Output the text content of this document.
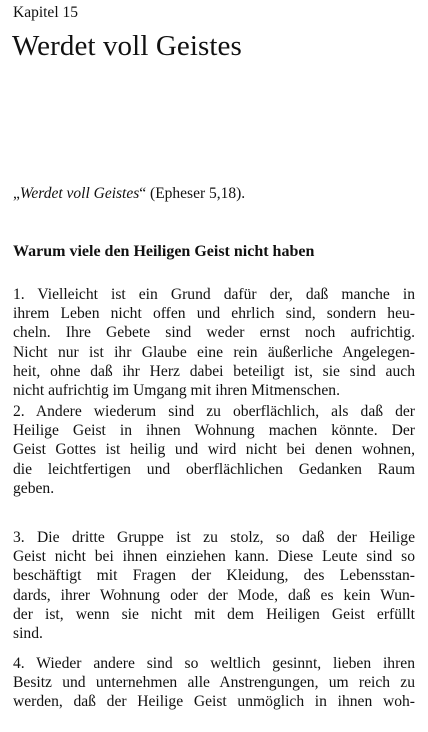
Kapitel 15
Werdet voll Geistes

„Werdet voll Geistes“ (Epheser 5,18).

Warum viele den Heiligen Geist nicht haben
1. Vielleicht ist ein Grund dafür der, daß manche in
ihrem Leben nicht offen und ehrlich sind, sondern heu-
cheln. Ihre Gebete sind weder ernst noch aufrichtig.
Nicht nur ist ihr Glaube eine rein äußerliche Angelegen-
heit, ohne daß ihr Herz dabei beteiligt ist, sie sind auch
nicht aufrichtig im Umgang mit ihren Mitmenschen.
2. Andere wiederum sind zu oberflächlich, als daß der
Heilige Geist in ihnen Wohnung machen könnte. Der
Geist Gottes ist heilig und wird nicht bei denen wohnen,
die leichtfertigen und oberflächlichen Gedanken Raum
geben.
3. Die dritte Gruppe ist zu stolz, so daß der Heilige
Geist nicht bei ihnen einziehen kann. Diese Leute sind so
beschäftigt mit Fragen der Kleidung, des Lebensstan-
dards, ihrer Wohnung oder der Mode, daß es kein Wun-
der ist, wenn sie nicht mit dem Heiligen Geist erfüllt
sind.
4. Wieder andere sind so weltlich gesinnt, lieben ihren
Besitz und unternehmen alle Anstrengungen, um reich zu
werden, daß der Heilige Geist unmöglich in ihnen woh-
